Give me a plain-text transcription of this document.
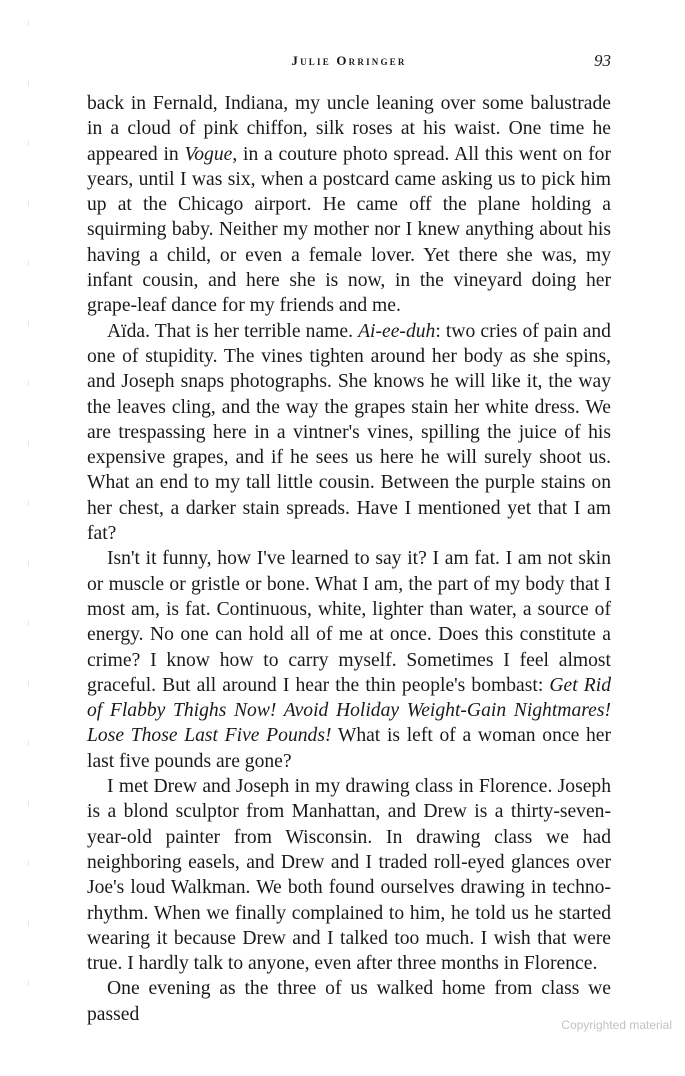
Julie Orringer	93

back in Fernald, Indiana, my uncle leaning over some balustrade in a cloud of pink chiffon, silk roses at his waist. One time he appeared in Vogue, in a couture photo spread. All this went on for years, until I was six, when a postcard came asking us to pick him up at the Chicago airport. He came off the plane holding a squirming baby. Neither my mother nor I knew anything about his having a child, or even a female lover. Yet there she was, my infant cousin, and here she is now, in the vineyard doing her grape-leaf dance for my friends and me.

Aïda. That is her terrible name. Ai-ee-duh: two cries of pain and one of stupidity. The vines tighten around her body as she spins, and Joseph snaps photographs. She knows he will like it, the way the leaves cling, and the way the grapes stain her white dress. We are trespassing here in a vintner's vines, spilling the juice of his expensive grapes, and if he sees us here he will surely shoot us. What an end to my tall little cousin. Between the purple stains on her chest, a darker stain spreads. Have I mentioned yet that I am fat?

Isn't it funny, how I've learned to say it? I am fat. I am not skin or muscle or gristle or bone. What I am, the part of my body that I most am, is fat. Continuous, white, lighter than water, a source of energy. No one can hold all of me at once. Does this constitute a crime? I know how to carry myself. Sometimes I feel almost graceful. But all around I hear the thin people's bombast: Get Rid of Flabby Thighs Now! Avoid Holiday Weight-Gain Nightmares! Lose Those Last Five Pounds! What is left of a woman once her last five pounds are gone?

I met Drew and Joseph in my drawing class in Florence. Joseph is a blond sculptor from Manhattan, and Drew is a thirty-seven-year-old painter from Wisconsin. In drawing class we had neighboring easels, and Drew and I traded roll-eyed glances over Joe's loud Walkman. We both found ourselves drawing in techno-rhythm. When we finally complained to him, he told us he started wearing it because Drew and I talked too much. I wish that were true. I hardly talk to anyone, even after three months in Florence.

One evening as the three of us walked home from class we passed

Copyrighted material
